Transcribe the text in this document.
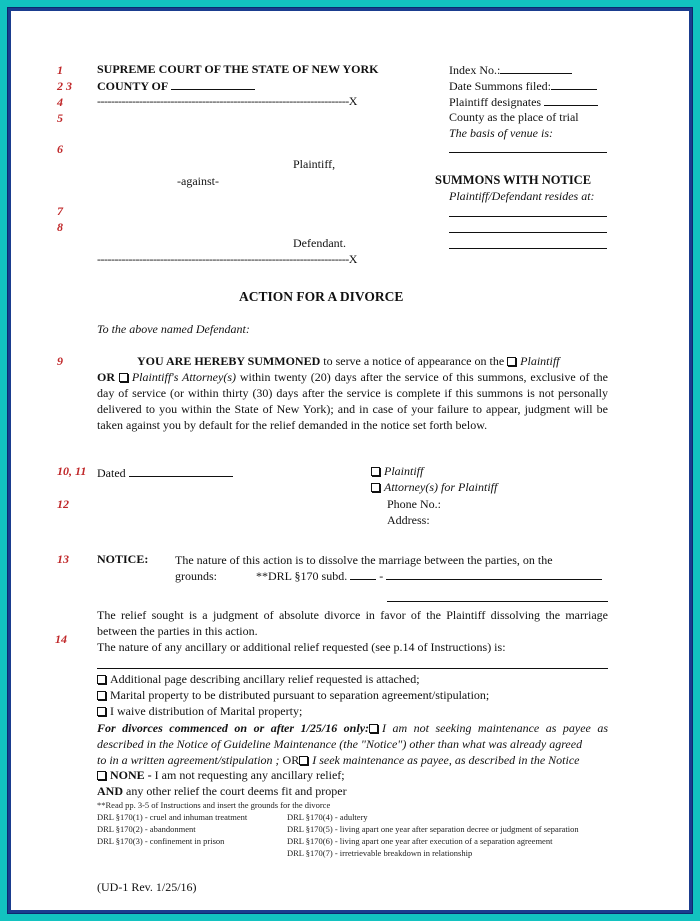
1
2 3
4
5
6
7
8
9
10, 11
12
13
14
SUPREME COURT OF THE STATE OF NEW YORK
COUNTY OF
------------------------------------------------------------------------X
Plaintiff,
-against-
Defendant.
------------------------------------------------------------------------X
Index No.:
Date Summons filed:
Plaintiff designates
County as the place of trial
The basis of venue is:
SUMMONS WITH NOTICE
Plaintiff/Defendant resides at:
ACTION FOR A DIVORCE
To the above named Defendant:
YOU ARE HEREBY SUMMONED to serve a notice of appearance on the Plaintiff
OR Plaintiff's Attorney(s) within twenty (20) days after the service of this summons, exclusive of the day of service (or within thirty (30) days after the service is complete if this summons is not personally delivered to you within the State of New York); and in case of your failure to appear, judgment will be taken against you by default for the relief demanded in the notice set forth below.
Dated	Plaintiff
Attorney(s) for Plaintiff
Phone No.:
Address:
NOTICE: The nature of this action is to dissolve the marriage between the parties, on the
grounds:	**DRL §170 subd.  -
The relief sought is a judgment of absolute divorce in favor of the Plaintiff dissolving the marriage between the parties in this action.
The nature of any ancillary or additional relief requested (see p.14 of Instructions) is:
Additional page describing ancillary relief requested is attached;
Marital property to be distributed pursuant to separation agreement/stipulation;
I waive distribution of Marital property;
For divorces commenced on or after 1/25/16 only: I am not seeking maintenance as payee as described in the Notice of Guideline Maintenance (the "Notice") other than what was already agreed
to in a written agreement/stipulation ; OR I seek maintenance as payee, as described in the Notice
NONE - I am not requesting any ancillary relief;
AND any other relief the court deems fit and proper
**Read pp. 3-5 of Instructions and insert the grounds for the divorce
DRL §170(1) - cruel and inhuman treatment
DRL §170(2) - abandonment
DRL §170(3) - confinement in prison
DRL §170(4) - adultery
DRL §170(5) - living apart one year after separation decree or judgment of separation
DRL §170(6) - living apart one year after execution of a separation agreement
DRL §170(7) - irretrievable breakdown in relationship
(UD-1 Rev. 1/25/16)
